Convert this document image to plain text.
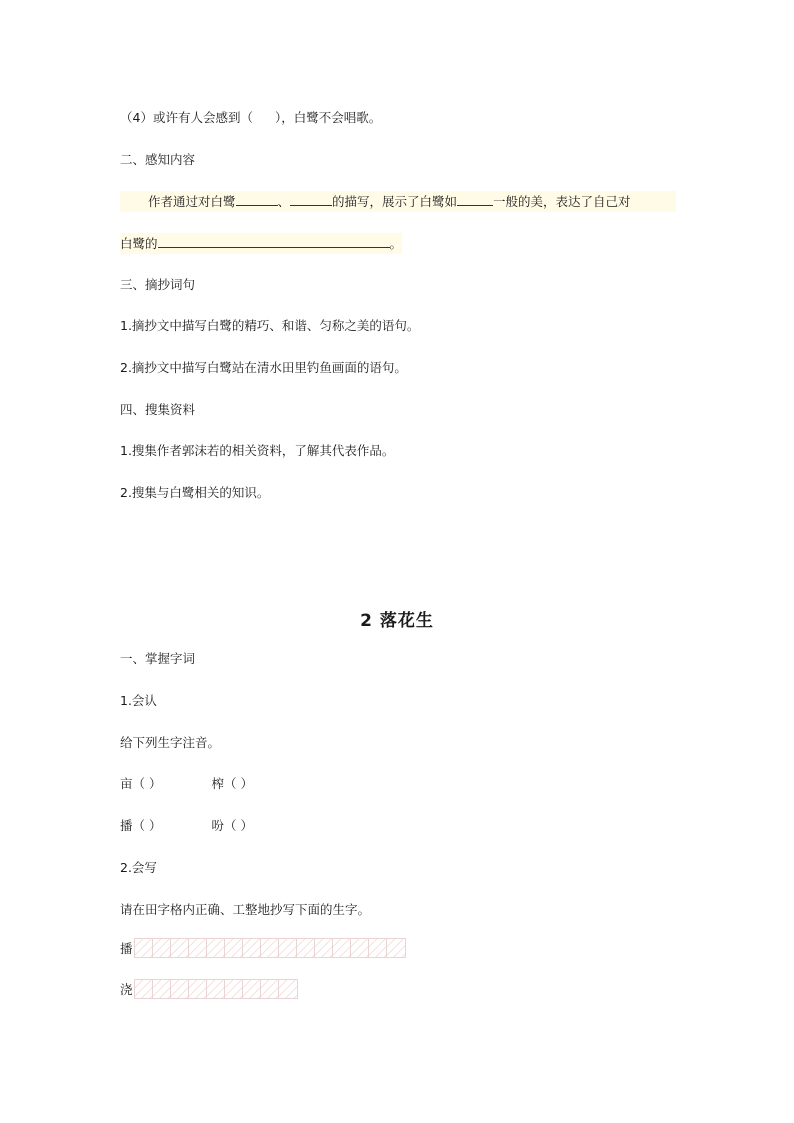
（4）或许有人会感到（ ），白鹭不会唱歌。
二、感知内容
作者通过对白鹭	、	的描写，展示了白鹭如	一般的美，表达了自己对
白鹭的	。
三、摘抄词句
1.摘抄文中描写白鹭的精巧、和谐、匀称之美的语句。
2.摘抄文中描写白鹭站在清水田里钓鱼画面的语句。
四、搜集资料
1.搜集作者郭沫若的相关资料，了解其代表作品。
2.搜集与白鹭相关的知识。
2 落花生
一、掌握字词
1.会认
给下列生字注音。
亩（ ）	榨（ ）
播（ ）	吩（ ）
2.会写
请在田字格内正确、工整地抄写下面的生字。
播
浇
